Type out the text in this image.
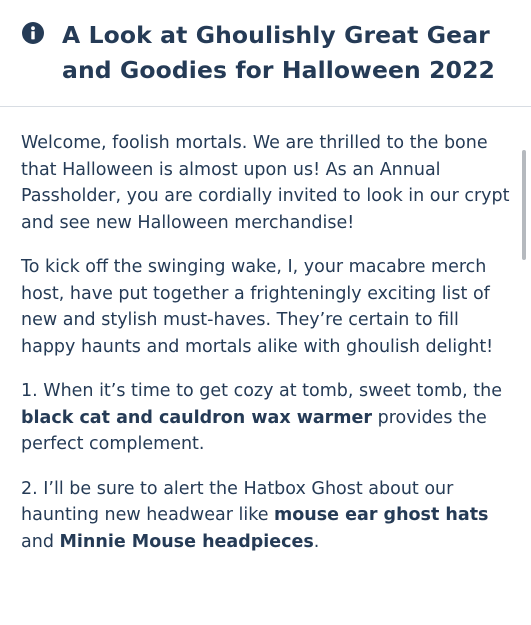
A Look at Ghoulishly Great Gear and Goodies for Halloween 2022

Welcome, foolish mortals. We are thrilled to the bone that Halloween is almost upon us! As an Annual Passholder, you are cordially invited to look in our crypt and see new Halloween merchandise!

To kick off the swinging wake, I, your macabre merch host, have put together a frighteningly exciting list of new and stylish must-haves. They’re certain to fill happy haunts and mortals alike with ghoulish delight!

1. When it’s time to get cozy at tomb, sweet tomb, the black cat and cauldron wax warmer provides the perfect complement.

2. I’ll be sure to alert the Hatbox Ghost about our haunting new headwear like mouse ear ghost hats and Minnie Mouse headpieces.
